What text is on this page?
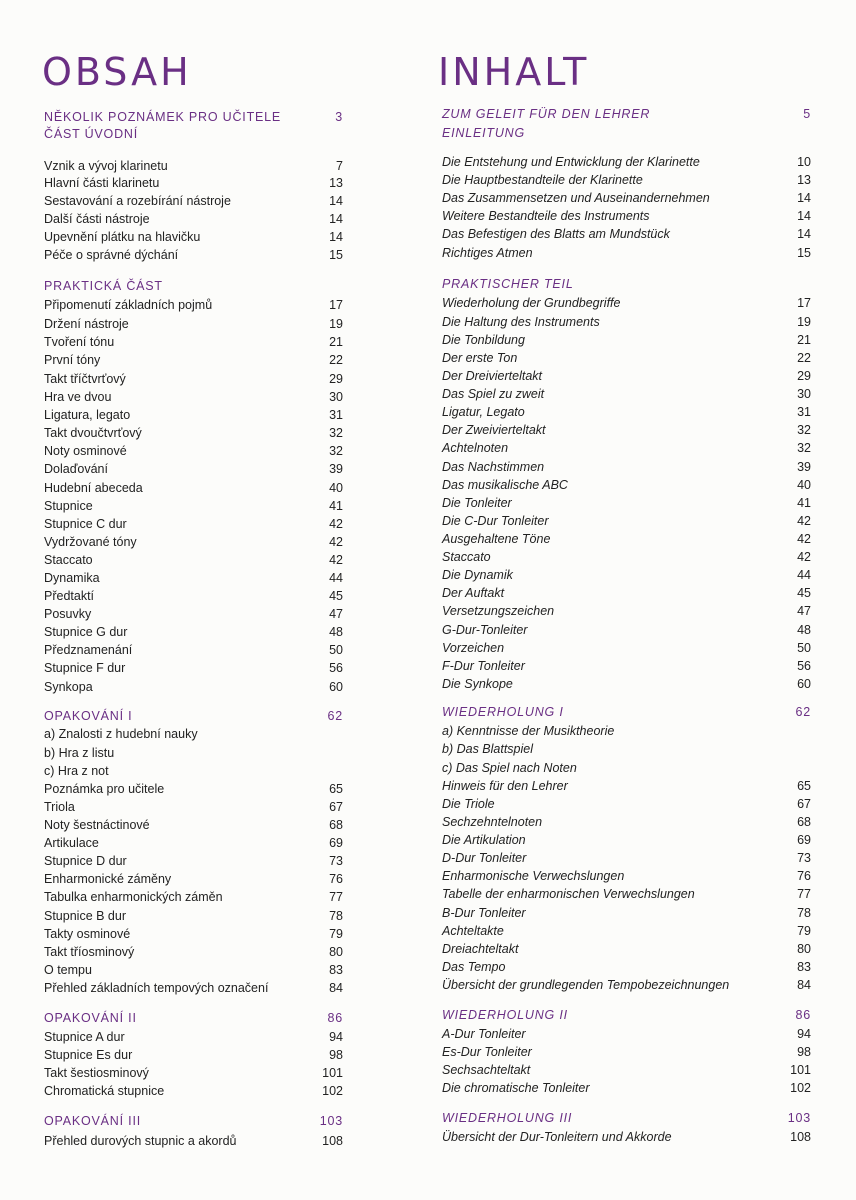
OBSAH
NĚKOLIK POZNÁMEK PRO UČITELE	3
ČÁST ÚVODNÍ
Vznik a vývoj klarinetu	7
Hlavní části klarinetu	13
Sestavování a rozebírání nástroje	14
Další části nástroje	14
Upevnění plátku na hlavičku	14
Péče o správné dýchání	15
PRAKTICKÁ ČÁST
Připomenutí základních pojmů	17
Držení nástroje	19
Tvoření tónu	21
První tóny	22
Takt tříčtvrťový	29
Hra ve dvou	30
Ligatura, legato	31
Takt dvoučtvrťový	32
Noty osminové	32
Dolaďování	39
Hudební abeceda	40
Stupnice	41
Stupnice C dur	42
Vydržované tóny	42
Staccato	42
Dynamika	44
Předtaktí	45
Posuvky	47
Stupnice G dur	48
Předznamenání	50
Stupnice F dur	56
Synkopa	60
OPAKOVÁNÍ I	62
a) Znalosti z hudební nauky
b) Hra z listu
c) Hra z not
Poznámka pro učitele	65
Triola	67
Noty šestnáctinové	68
Artikulace	69
Stupnice D dur	73
Enharmonické záměny	76
Tabulka enharmonických záměn	77
Stupnice B dur	78
Takty osminové	79
Takt tříosminový	80
O tempu	83
Přehled základních tempových označení	84
OPAKOVÁNÍ II	86
Stupnice A dur	94
Stupnice Es dur	98
Takt šestiosminový	101
Chromatická stupnice	102
OPAKOVÁNÍ III	103
Přehled durových stupnic a akordů	108
INHALT
ZUM GELEIT FÜR DEN LEHRER	5
EINLEITUNG
Die Entstehung und Entwicklung der Klarinette	10
Die Hauptbestandteile der Klarinette	13
Das Zusammensetzen und Auseinandernehmen	14
Weitere Bestandteile des Instruments	14
Das Befestigen des Blatts am Mundstück	14
Richtiges Atmen	15
PRAKTISCHER TEIL
Wiederholung der Grundbegriffe	17
Die Haltung des Instruments	19
Die Tonbildung	21
Der erste Ton	22
Der Dreivierteltakt	29
Das Spiel zu zweit	30
Ligatur, Legato	31
Der Zweivierteltakt	32
Achtelnoten	32
Das Nachstimmen	39
Das musikalische ABC	40
Die Tonleiter	41
Die C-Dur Tonleiter	42
Ausgehaltene Töne	42
Staccato	42
Die Dynamik	44
Der Auftakt	45
Versetzungszeichen	47
G-Dur-Tonleiter	48
Vorzeichen	50
F-Dur Tonleiter	56
Die Synkope	60
WIEDERHOLUNG I	62
a) Kenntnisse der Musiktheorie
b) Das Blattspiel
c) Das Spiel nach Noten
Hinweis für den Lehrer	65
Die Triole	67
Sechzehntelnoten	68
Die Artikulation	69
D-Dur Tonleiter	73
Enharmonische Verwechslungen	76
Tabelle der enharmonischen Verwechslungen	77
B-Dur Tonleiter	78
Achteltakte	79
Dreiachteltakt	80
Das Tempo	83
Übersicht der grundlegenden Tempobezeichnungen	84
WIEDERHOLUNG II	86
A-Dur Tonleiter	94
Es-Dur Tonleiter	98
Sechsachteltakt	101
Die chromatische Tonleiter	102
WIEDERHOLUNG III	103
Übersicht der Dur-Tonleitern und Akkorde	108
